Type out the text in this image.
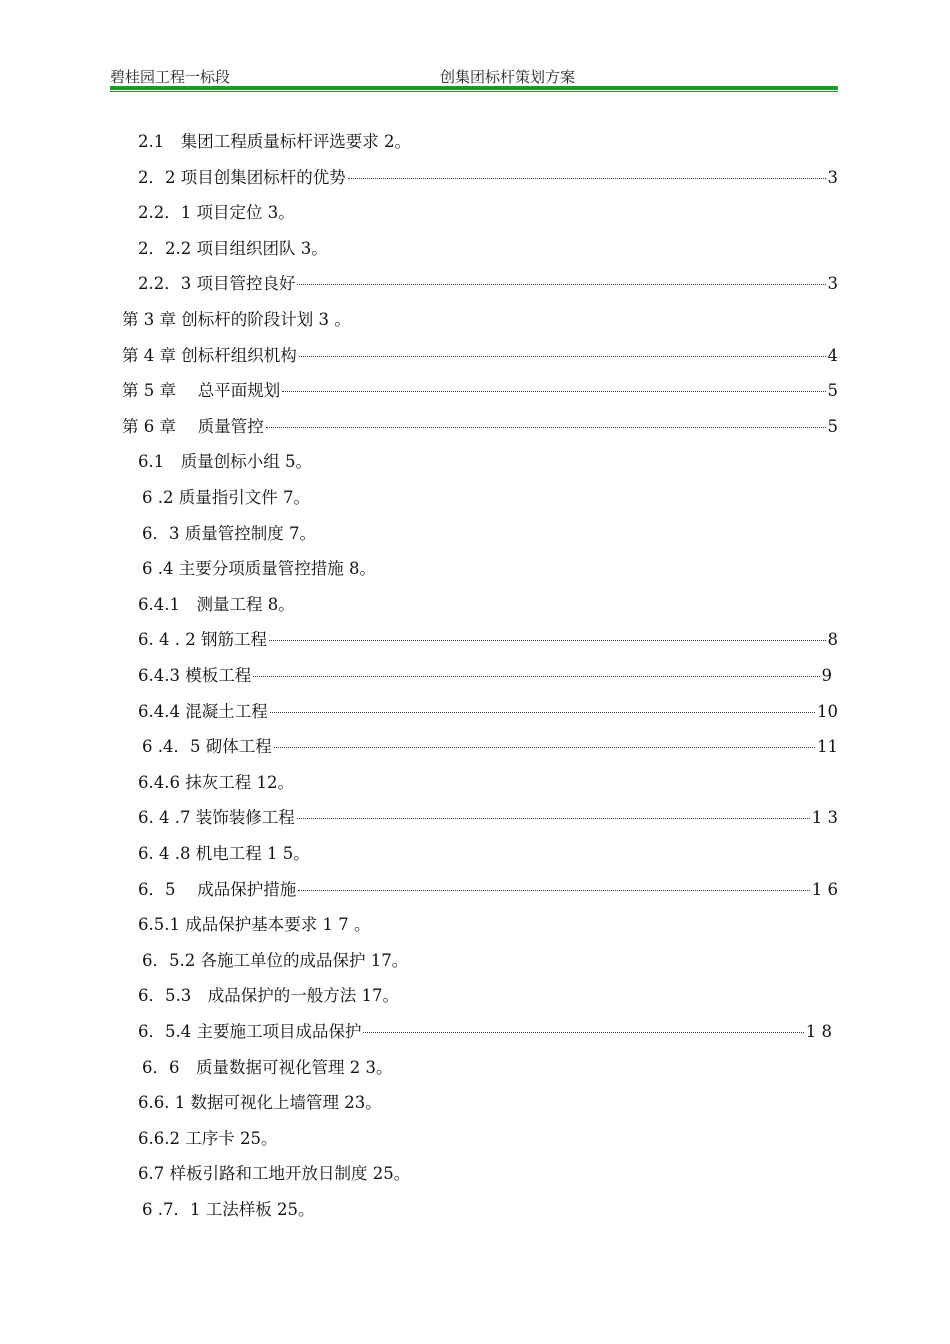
碧桂园工程一标段	创集团标杆策划方案
2.1　集团工程质量标杆评选要求 2。
2．2 项目创集团标杆的优势	3
2.2．1 项目定位 3。
2．2.2 项目组织团队 3。
2.2．3 项目管控良好	3
第 3 章 创标杆的阶段计划 3 。
第 4 章 创标杆组织机构	4
第 5 章　 总平面规划	5
第 6 章　 质量管控	5
6.1　质量创标小组 5。
6 .2 质量指引文件 7。
6．3 质量管控制度 7。
6 .4 主要分项质量管控措施 8。
6.4.1　测量工程 8。
6. 4 . 2 钢筋工程	8
6.4.3 模板工程	9
6.4.4 混凝土工程	10
6 .4．5 砌体工程	11
6.4.6 抹灰工程 12。
6. 4 .7 装饰装修工程	1 3
6. 4 .8 机电工程 1 5。
6．5　 成品保护措施	1 6
6.5.1 成品保护基本要求 1 7 。
6．5.2 各施工单位的成品保护 17。
6．5.3　成品保护的一般方法 17。
6．5.4 主要施工项目成品保护	1 8
6．6　质量数据可视化管理 2 3。
6.6. 1 数据可视化上墙管理 23。
6.6.2 工序卡 25。
6.7 样板引路和工地开放日制度 25。
6 .7．1 工法样板 25。
